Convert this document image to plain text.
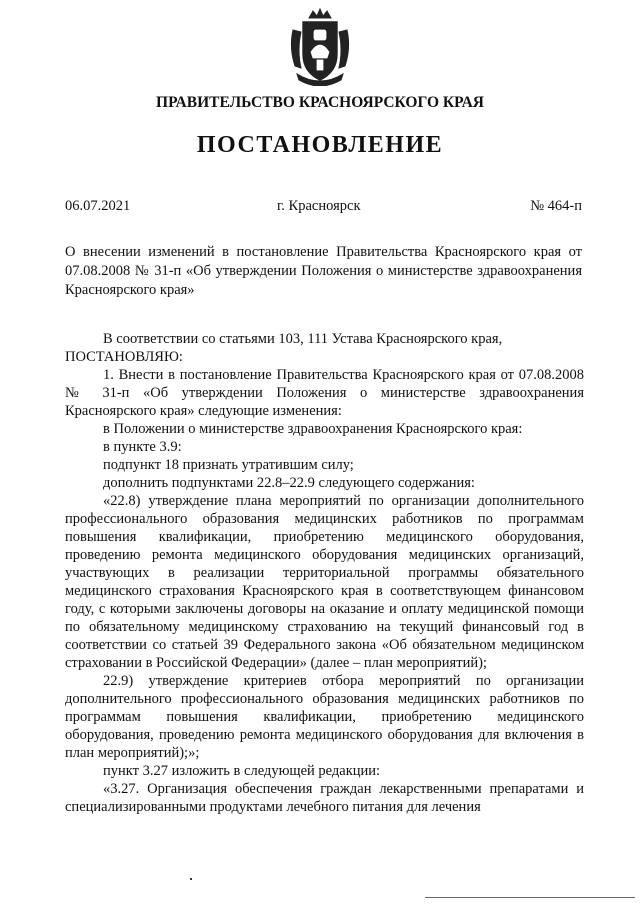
ПРАВИТЕЛЬСТВО КРАСНОЯРСКОГО КРАЯ
ПОСТАНОВЛЕНИЕ
06.07.2021	г. Красноярск	№ 464-п
О внесении изменений в постановление Правительства Красноярского края от 07.08.2008 № 31-п «Об утверждении Положения о министерстве здравоохранения Красноярского края»

В соответствии со статьями 103, 111 Устава Красноярского края,

ПОСТАНОВЛЯЮ:

1. Внести в постановление Правительства Красноярского края от 07.08.2008 № 31-п «Об утверждении Положения о министерстве здравоохранения Красноярского края» следующие изменения:

в Положении о министерстве здравоохранения Красноярского края:

в пункте 3.9:

подпункт 18 признать утратившим силу;

дополнить подпунктами 22.8–22.9 следующего содержания:

«22.8) утверждение плана мероприятий по организации дополнительного профессионального образования медицинских работников по программам повышения квалификации, приобретению медицинского оборудования, проведению ремонта медицинского оборудования медицинских организаций, участвующих в реализации территориальной программы обязательного медицинского страхования Красноярского края в соответствующем финансовом году, с которыми заключены договоры на оказание и оплату медицинской помощи по обязательному медицинскому страхованию на текущий финансовый год в соответствии со статьей 39 Федерального закона «Об обязательном медицинском страховании в Российской Федерации» (далее – план мероприятий);

22.9) утверждение критериев отбора мероприятий по организации дополнительного профессионального образования медицинских работников по программам повышения квалификации, приобретению медицинского оборудования, проведению ремонта медицинского оборудования для включения в план мероприятий);»;

пункт 3.27 изложить в следующей редакции:

«3.27. Организация обеспечения граждан лекарственными препаратами и специализированными продуктами лечебного питания для лечения
